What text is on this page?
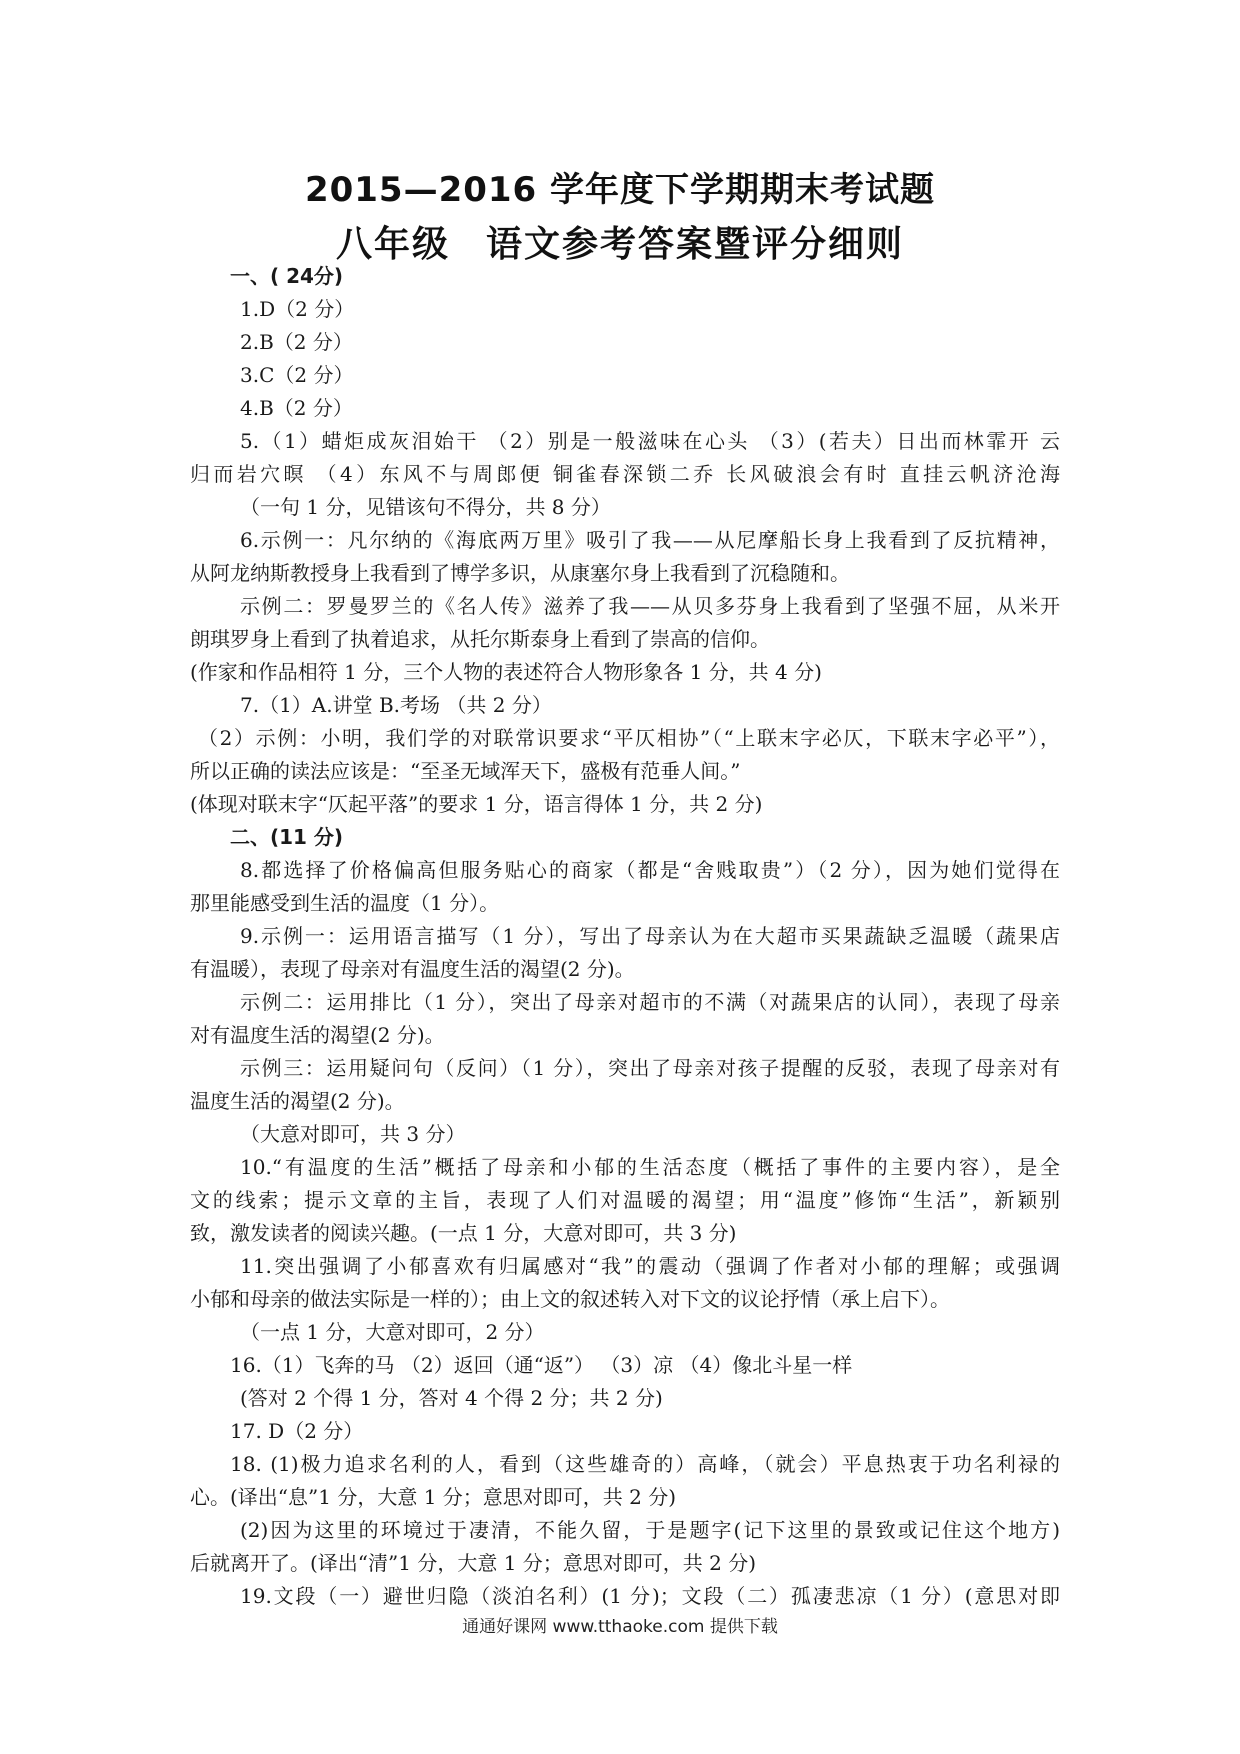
2015—2016 学年度下学期期末考试题
八年级 语文参考答案暨评分细则
一、( 24分)
1.D（2 分）
2.B（2 分）
3.C（2 分）
4.B（2 分）
5.（1）蜡炬成灰泪始干 （2）别是一般滋味在心头 （3）(若夫）日出而林霏开 云
归而岩穴暝 （4）东风不与周郎便 铜雀春深锁二乔 长风破浪会有时 直挂云帆济沧海
（一句 1 分，见错该句不得分，共 8 分）
6.示例一：凡尔纳的《海底两万里》吸引了我——从尼摩船长身上我看到了反抗精神，
从阿龙纳斯教授身上我看到了博学多识，从康塞尔身上我看到了沉稳随和。
示例二：罗曼罗兰的《名人传》滋养了我——从贝多芬身上我看到了坚强不屈，从米开
朗琪罗身上看到了执着追求，从托尔斯泰身上看到了崇高的信仰。
(作家和作品相符 1 分，三个人物的表述符合人物形象各 1 分，共 4 分)
7.（1）A.讲堂 B.考场 （共 2 分）
（2）示例：小明，我们学的对联常识要求“平仄相协”（“上联末字必仄，下联末字必平”），
所以正确的读法应该是：“至圣无域浑天下，盛极有范垂人间。”
(体现对联末字“仄起平落”的要求 1 分，语言得体 1 分，共 2 分)
二、(11 分)
8.都选择了价格偏高但服务贴心的商家（都是“舍贱取贵”）（2 分），因为她们觉得在
那里能感受到生活的温度（1 分）。
9.示例一：运用语言描写（1 分），写出了母亲认为在大超市买果蔬缺乏温暖（蔬果店
有温暖），表现了母亲对有温度生活的渴望(2 分)。
示例二：运用排比（1 分），突出了母亲对超市的不满（对蔬果店的认同），表现了母亲
对有温度生活的渴望(2 分)。
示例三：运用疑问句（反问）（1 分），突出了母亲对孩子提醒的反驳，表现了母亲对有
温度生活的渴望(2 分)。
（大意对即可，共 3 分）
10.“有温度的生活”概括了母亲和小郁的生活态度（概括了事件的主要内容），是全
文的线索；提示文章的主旨，表现了人们对温暖的渴望；用“温度”修饰“生活”，新颖别
致，激发读者的阅读兴趣。(一点 1 分，大意对即可，共 3 分)
11.突出强调了小郁喜欢有归属感对“我”的震动（强调了作者对小郁的理解；或强调
小郁和母亲的做法实际是一样的）；由上文的叙述转入对下文的议论抒情（承上启下）。
（一点 1 分，大意对即可，2 分）
16.（1）飞奔的马 （2）返回（通“返”） （3）凉 （4）像北斗星一样
(答对 2 个得 1 分，答对 4 个得 2 分；共 2 分)
17. D（2 分）
18. (1)极力追求名利的人，看到（这些雄奇的）高峰，（就会）平息热衷于功名利禄的
心。(译出“息”1 分，大意 1 分；意思对即可，共 2 分)
(2)因为这里的环境过于凄清，不能久留，于是题字(记下这里的景致或记住这个地方)
后就离开了。(译出“清”1 分，大意 1 分；意思对即可，共 2 分)
19.文段（一）避世归隐（淡泊名利）(1 分)；文段（二）孤凄悲凉（1 分）(意思对即
通通好课网 www.tthaoke.com 提供下载
